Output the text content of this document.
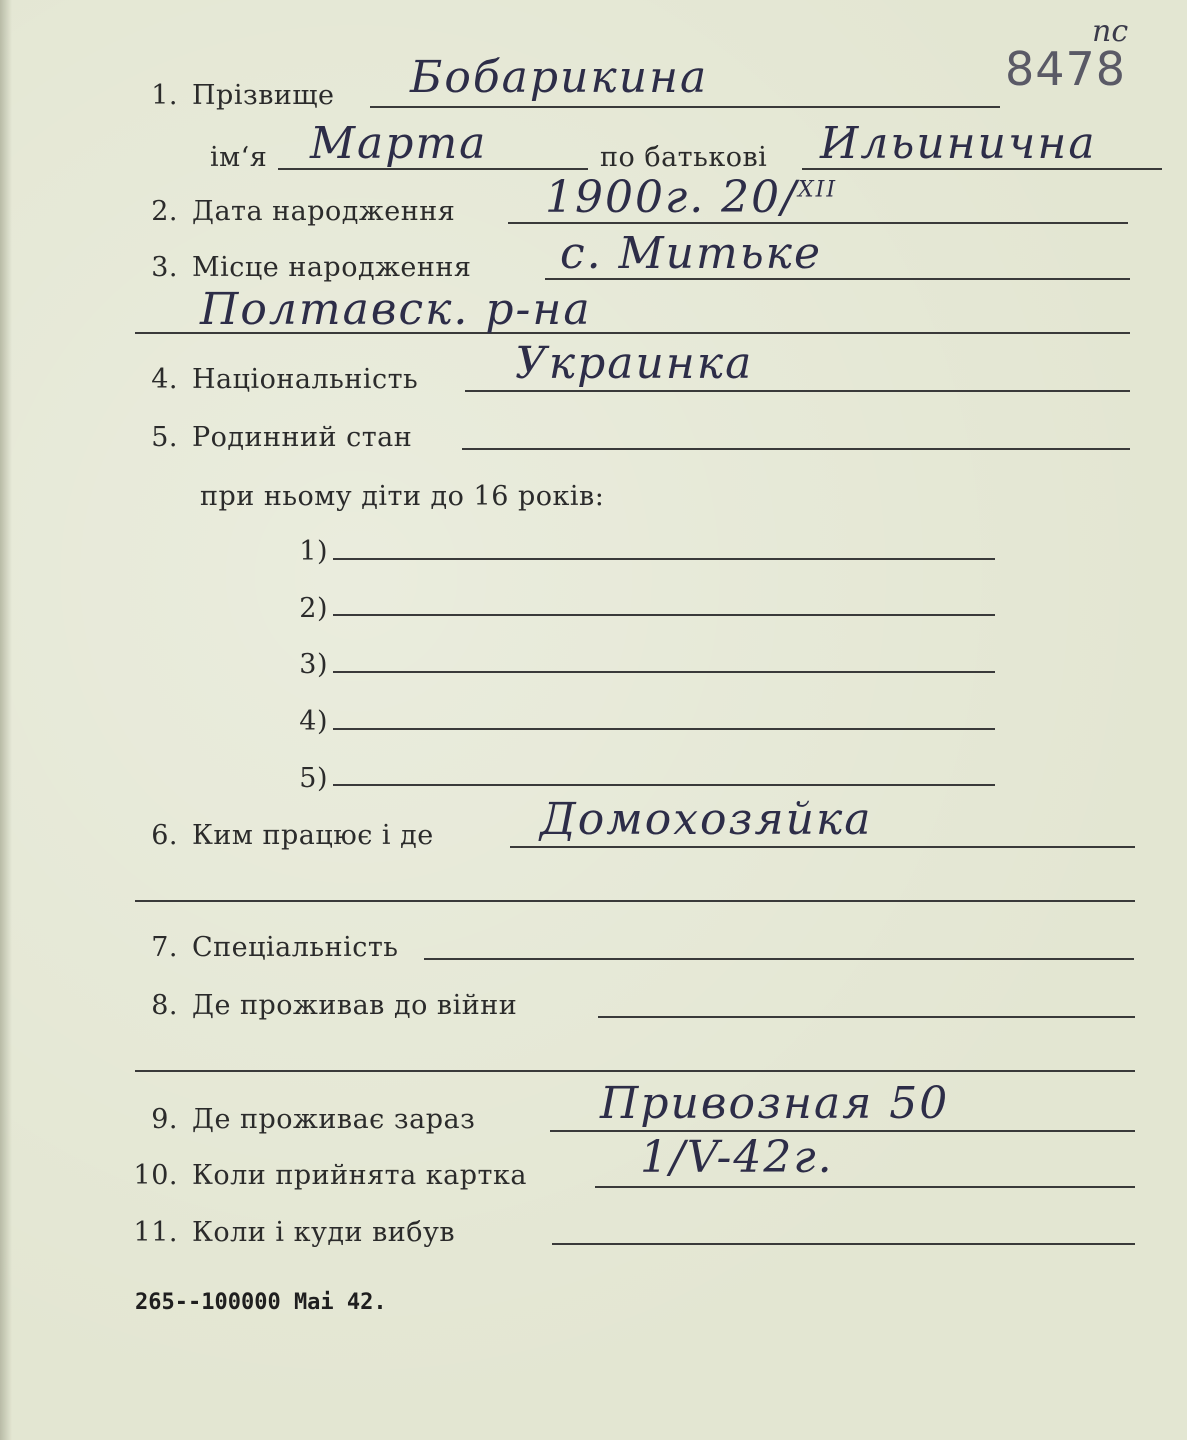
пс
8478
1. Прізвище Бобарикина
ім‘я Марта	по батькові Ильинична
2. Дата народження 1900г. 20/$^{XII}$
3. Місце народження с. Митьке
Полтавск. р-на
4. Національність Украинка
5. Родинний стан
при ньому діти до 16 років:
1)
2)
3)
4)
5)
6. Ким працює і де Домохозяйка
7. Спеціальність
8. Де проживав до війни
9. Де проживає зараз	Привозная 50
10. Коли прийнята картка	1/V-42г.
11. Коли і куди вибув
265--100000 Mai 42.
